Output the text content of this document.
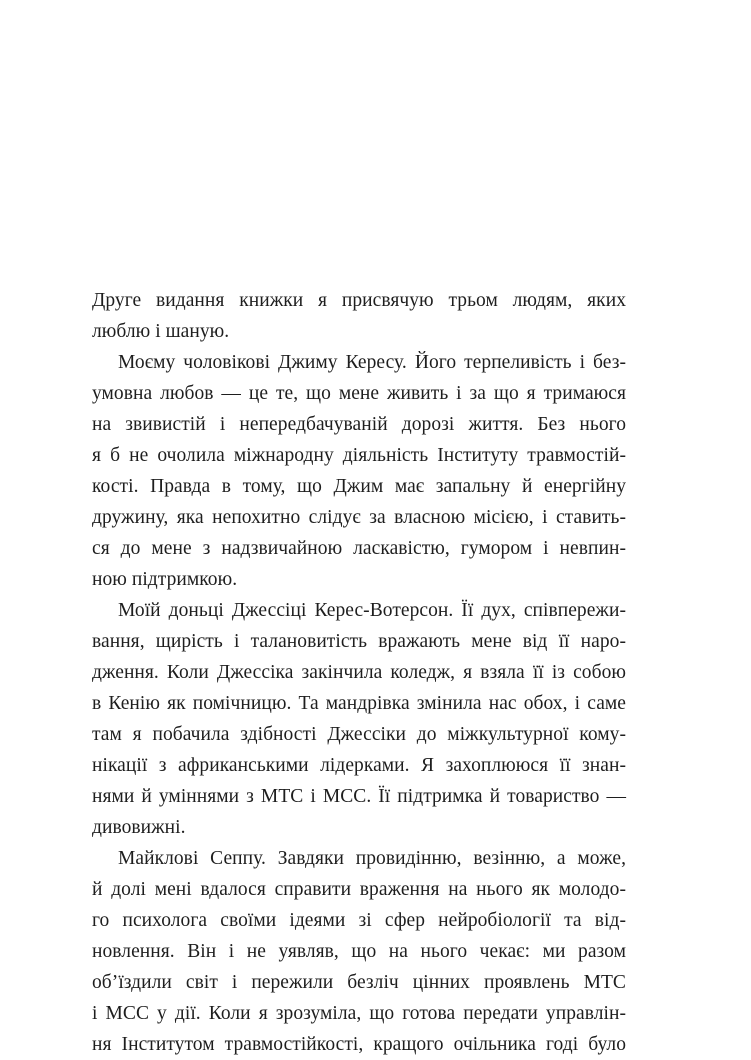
Друге видання книжки я присвячую трьом людям, яких
люблю і шаную.
Моєму чоловікові Джиму Кересу. Його терпеливість і без-
умовна любов — це те, що мене живить і за що я тримаюся
на звивистій і непередбачуваній дорозі життя. Без нього
я б не очолила міжнародну діяльність Інституту травмостій-
кості. Правда в тому, що Джим має запальну й енергійну
дружину, яка непохитно слідує за власною місією, і ставить-
ся до мене з надзвичайною ласкавістю, гумором і невпин-
ною підтримкою.
Моїй доньці Джессіці Керес-Вотерсон. Її дух, співпережи-
вання, щирість і талановитість вражають мене від її наро-
дження. Коли Джессіка закінчила коледж, я взяла її із собою
в Кенію як помічницю. Та мандрівка змінила нас обох, і саме
там я побачила здібності Джессіки до міжкультурної кому-
нікації з африканськими лідерками. Я захоплююся її знан-
нями й уміннями з МТС і МСС. Її підтримка й товариство —
дивовижні.
Майклові Сеппу. Завдяки провидінню, везінню, а може,
й долі мені вдалося справити враження на нього як молодо-
го психолога своїми ідеями зі сфер нейробіології та від-
новлення. Він і не уявляв, що на нього чекає: ми разом
об’їздили світ і пережили безліч цінних проявлень МТС
і МСС у дії. Коли я зрозуміла, що готова передати управлін-
ня Інститутом травмостійкості, кращого очільника годі було
